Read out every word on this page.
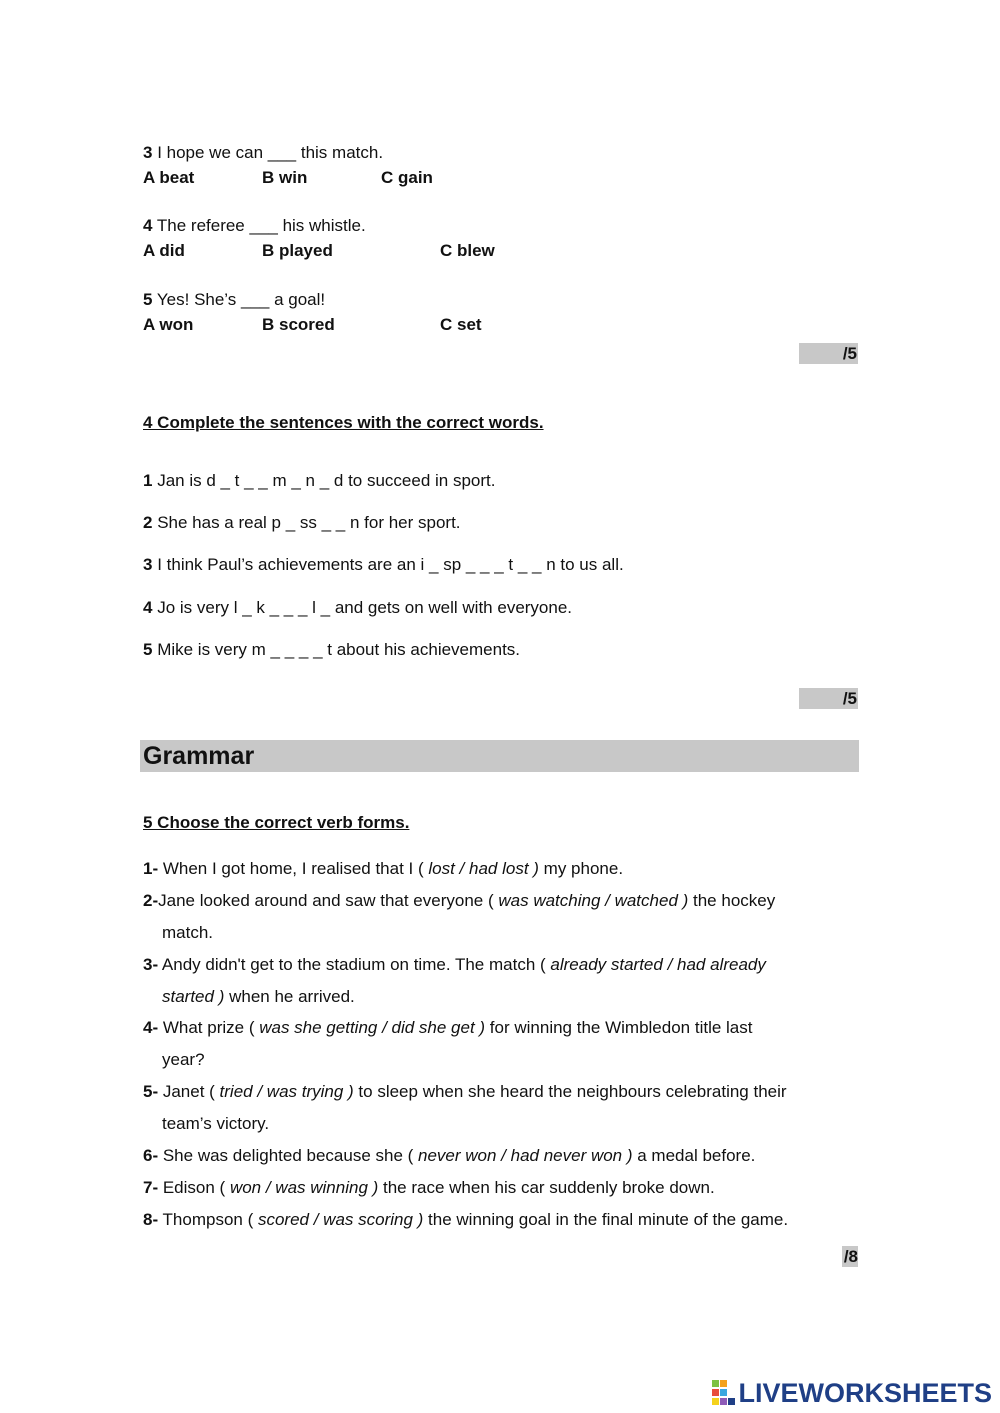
3 I hope we can ___ this match.
A beat	B win	C gain
4 The referee ___ his whistle.
A did	B played	C blew
5 Yes! She’s ___ a goal!
A won	B scored	C set
/5
4 Complete the sentences with the correct words.
1 Jan is d _ t _ _ m _ n _ d to succeed in sport.
2 She has a real p _ ss _ _ n for her sport.
3 I think Paul’s achievements are an i _ sp _ _ _ t _ _ n to us all.
4 Jo is very l _ k _ _ _ l _ and gets on well with everyone.
5 Mike is very m _ _ _ _ t about his achievements.
/5
Grammar
5 Choose the correct verb forms.
1- When I got home, I realised that I ( lost / had lost ) my phone.
2-Jane looked around and saw that everyone ( was watching / watched ) the hockey
match.
3- Andy didn't get to the stadium on time. The match ( already started / had already
started ) when he arrived.
4- What prize ( was she getting / did she get ) for winning the Wimbledon title last
year?
5- Janet ( tried / was trying ) to sleep when she heard the neighbours celebrating their
team’s victory.
6- She was delighted because she ( never won / had never won ) a medal before.
7- Edison ( won / was winning ) the race when his car suddenly broke down.
8- Thompson ( scored / was scoring ) the winning goal in the final minute of the game.
/8
LIVEWORKSHEETS
